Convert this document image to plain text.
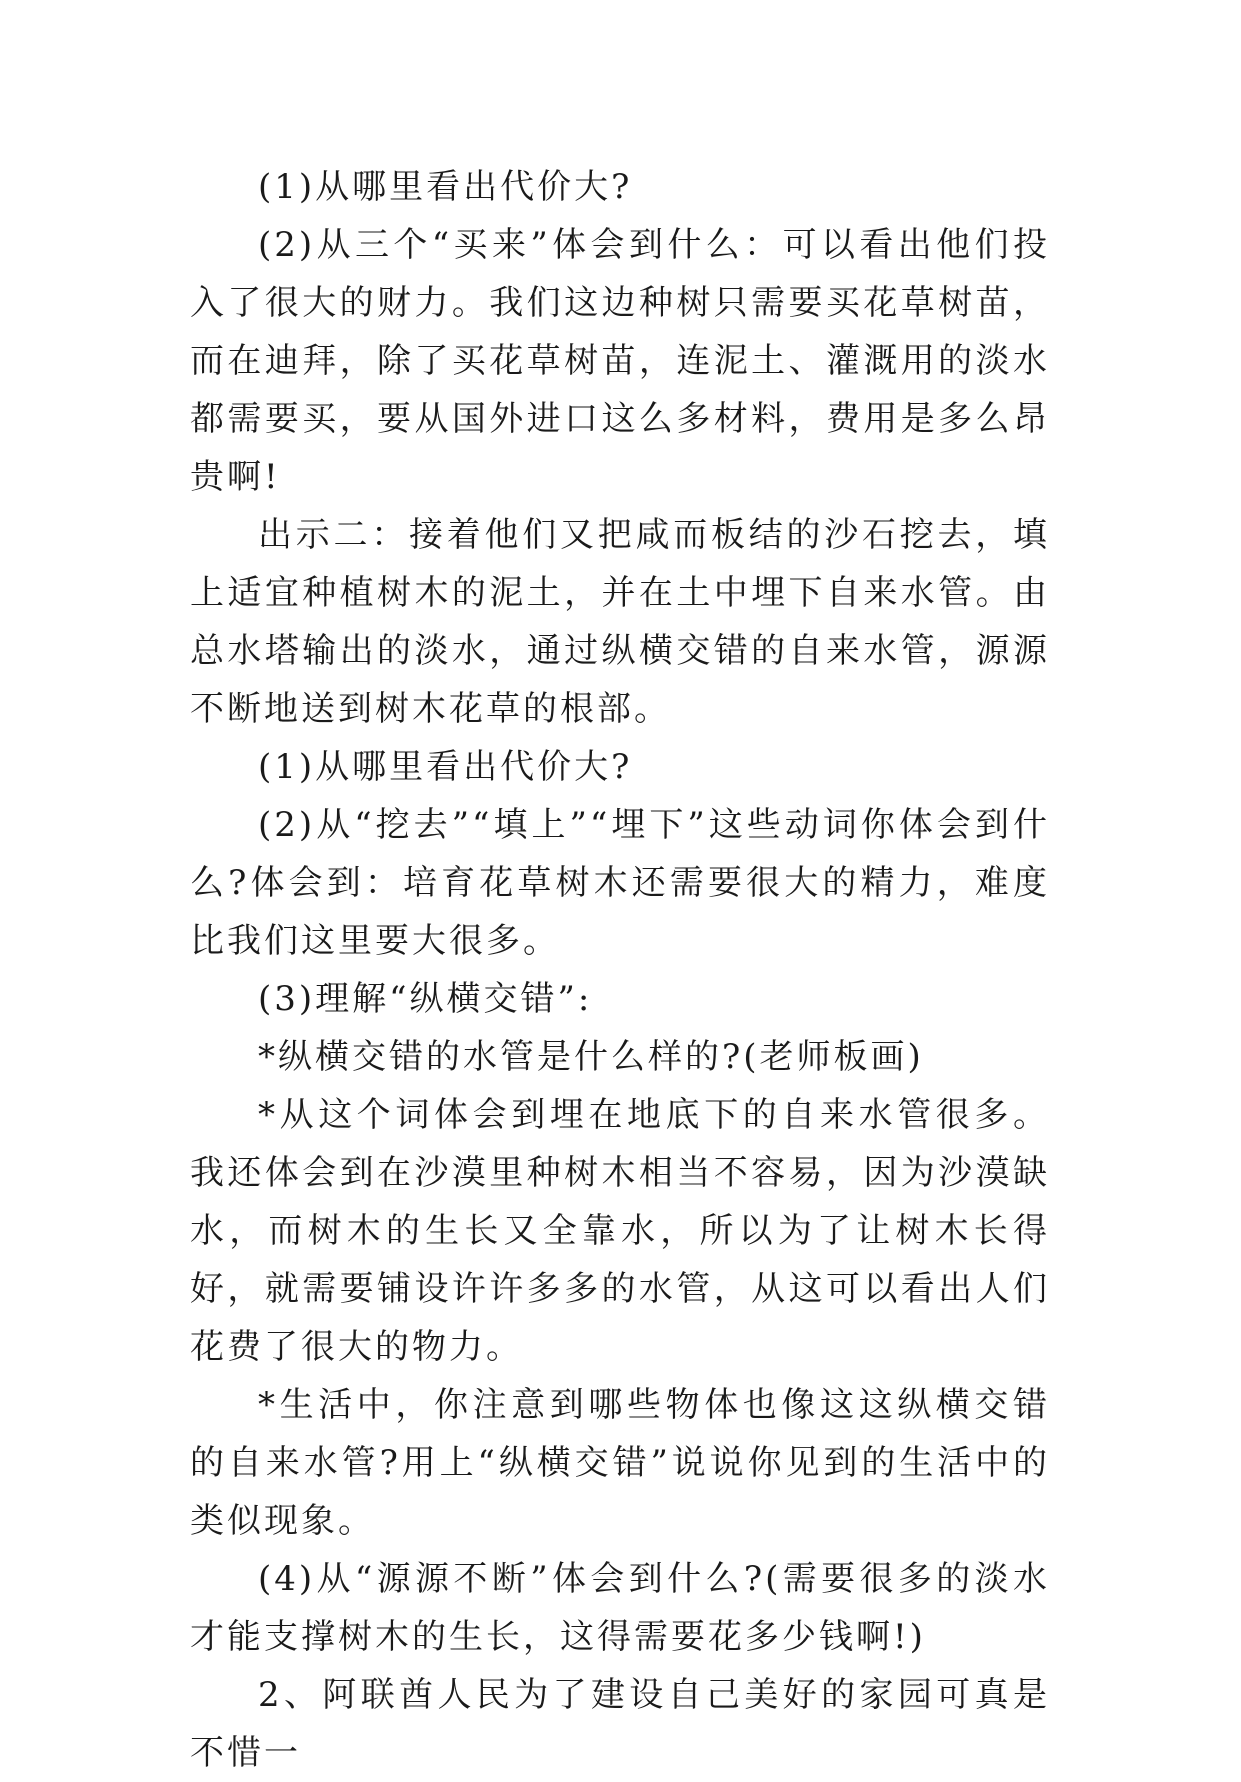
(1)从哪里看出代价大?

(2)从三个“买来”体会到什么：可以看出他们投入了很大的财力。我们这边种树只需要买花草树苗，而在迪拜，除了买花草树苗，连泥土、灌溉用的淡水都需要买，要从国外进口这么多材料，费用是多么昂贵啊!

出示二：接着他们又把咸而板结的沙石挖去，填上适宜种植树木的泥土，并在土中埋下自来水管。由总水塔输出的淡水，通过纵横交错的自来水管，源源不断地送到树木花草的根部。

(1)从哪里看出代价大?

(2)从“挖去”“填上”“埋下”这些动词你体会到什么?体会到：培育花草树木还需要很大的精力，难度比我们这里要大很多。

(3)理解“纵横交错”:

*纵横交错的水管是什么样的?(老师板画)

*从这个词体会到埋在地底下的自来水管很多。我还体会到在沙漠里种树木相当不容易，因为沙漠缺水，而树木的生长又全靠水，所以为了让树木长得好，就需要铺设许许多多的水管，从这可以看出人们花费了很大的物力。

*生活中，你注意到哪些物体也像这这纵横交错的自来水管?用上“纵横交错”说说你见到的生活中的类似现象。

(4)从“源源不断”体会到什么?(需要很多的淡水才能支撑树木的生长，这得需要花多少钱啊!)

2、阿联酋人民为了建设自己美好的家园可真是不惜一
